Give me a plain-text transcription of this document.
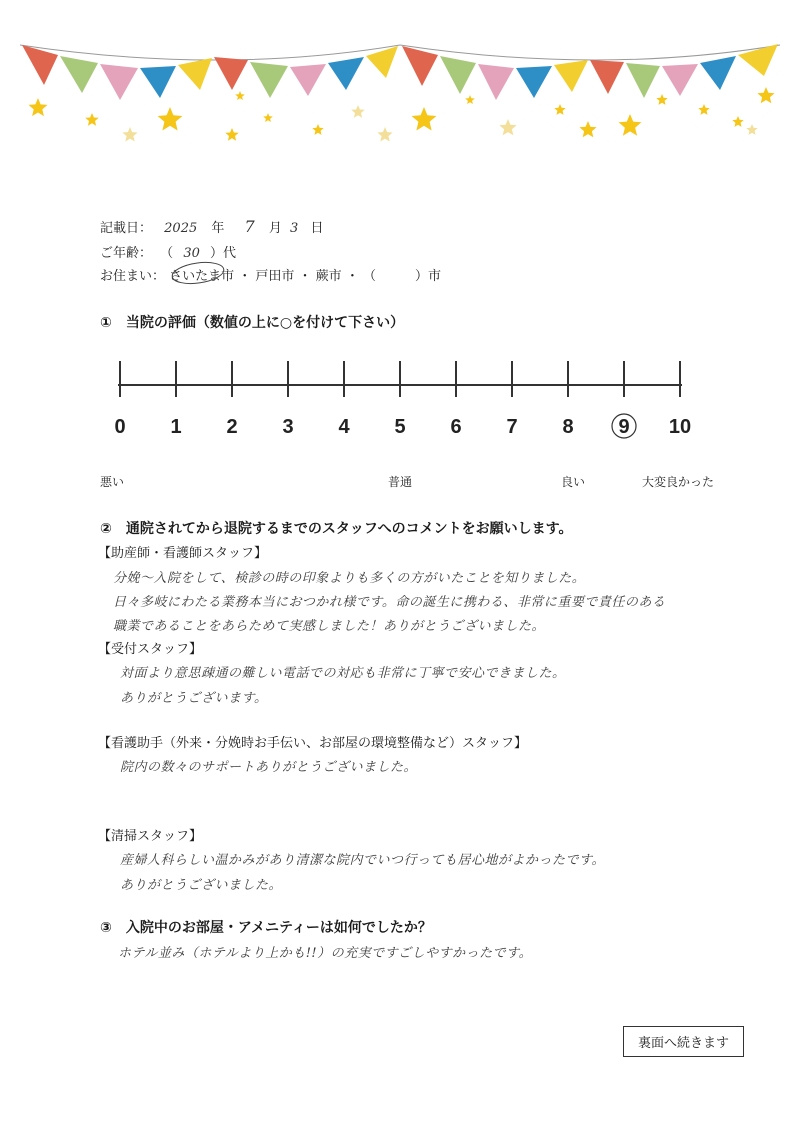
記載日： 2025 年 7 月 3 日
ご年齢： （ 30 ）代
お住まい： さいたま市 ・ 戸田市 ・ 蕨市 ・ （　　　）市
①　当院の評価（数値の上に○を付けて下さい）
0 1 2 3 4 5 6 7 8 9 10
悪い	普通	良い	大変良かった
②　通院されてから退院するまでのスタッフへのコメントをお願いします。
【助産師・看護師スタッフ】
分娩〜入院をして、検診の時の印象よりも多くの方がいたことを知りました。
日々多岐にわたる業務本当におつかれ様です。命の誕生に携わる、非常に重要で責任のある
職業であることをあらためて実感しました！ありがとうございました。
【受付スタッフ】
対面より意思疎通の難しい電話での対応も非常に丁寧で安心できました。
ありがとうございます。
【看護助手（外来・分娩時お手伝い、お部屋の環境整備など）スタッフ】
院内の数々のサポートありがとうございました。
【清掃スタッフ】
産婦人科らしい温かみがあり清潔な院内でいつ行っても居心地がよかったです。
ありがとうございました。
③　入院中のお部屋・アメニティーは如何でしたか？
ホテル並み（ホテルより上かも!!）の充実ですごしやすかったです。
裏面へ続きます
